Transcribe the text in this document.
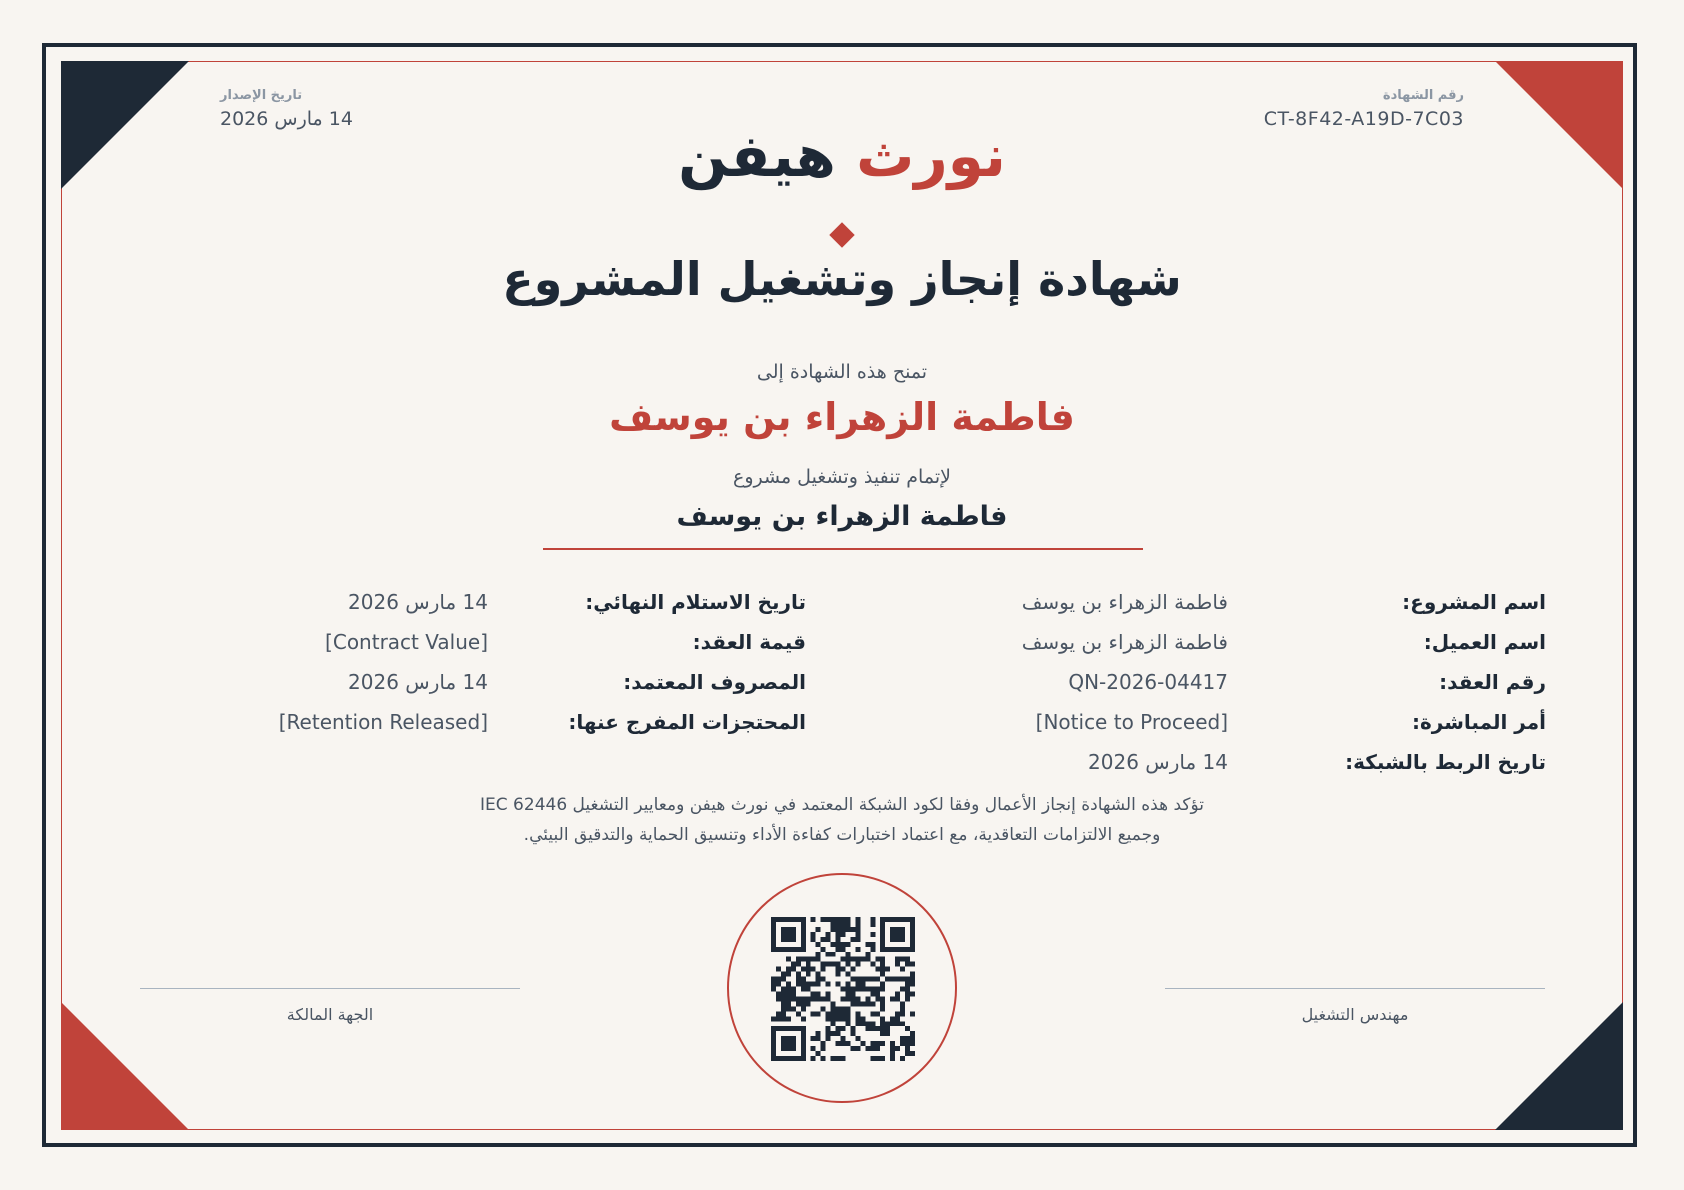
رقم الشهادة
CT-8F42-A19D-7C03
تاريخ الإصدار
14 مارس 2026
نورث هيفن
شهادة إنجاز وتشغيل المشروع
تمنح هذه الشهادة إلى
فاطمة الزهراء بن يوسف
لإتمام تنفيذ وتشغيل مشروع
فاطمة الزهراء بن يوسف
اسم المشروع:
فاطمة الزهراء بن يوسف
اسم العميل:
فاطمة الزهراء بن يوسف
رقم العقد:
QN-2026-04417
أمر المباشرة:
[Notice to Proceed]
تاريخ الربط بالشبكة:
14 مارس 2026
تاريخ الاستلام النهائي:
14 مارس 2026
قيمة العقد:
[Contract Value]
المصروف المعتمد:
14 مارس 2026
المحتجزات المفرج عنها:
[Retention Released]
تؤكد هذه الشهادة إنجاز الأعمال وفقا لكود الشبكة المعتمد في نورث هيفن ومعايير التشغيل IEC 62446
وجميع الالتزامات التعاقدية، مع اعتماد اختبارات كفاءة الأداء وتنسيق الحماية والتدقيق البيئي.
الجهة المالكة	مهندس التشغيل
